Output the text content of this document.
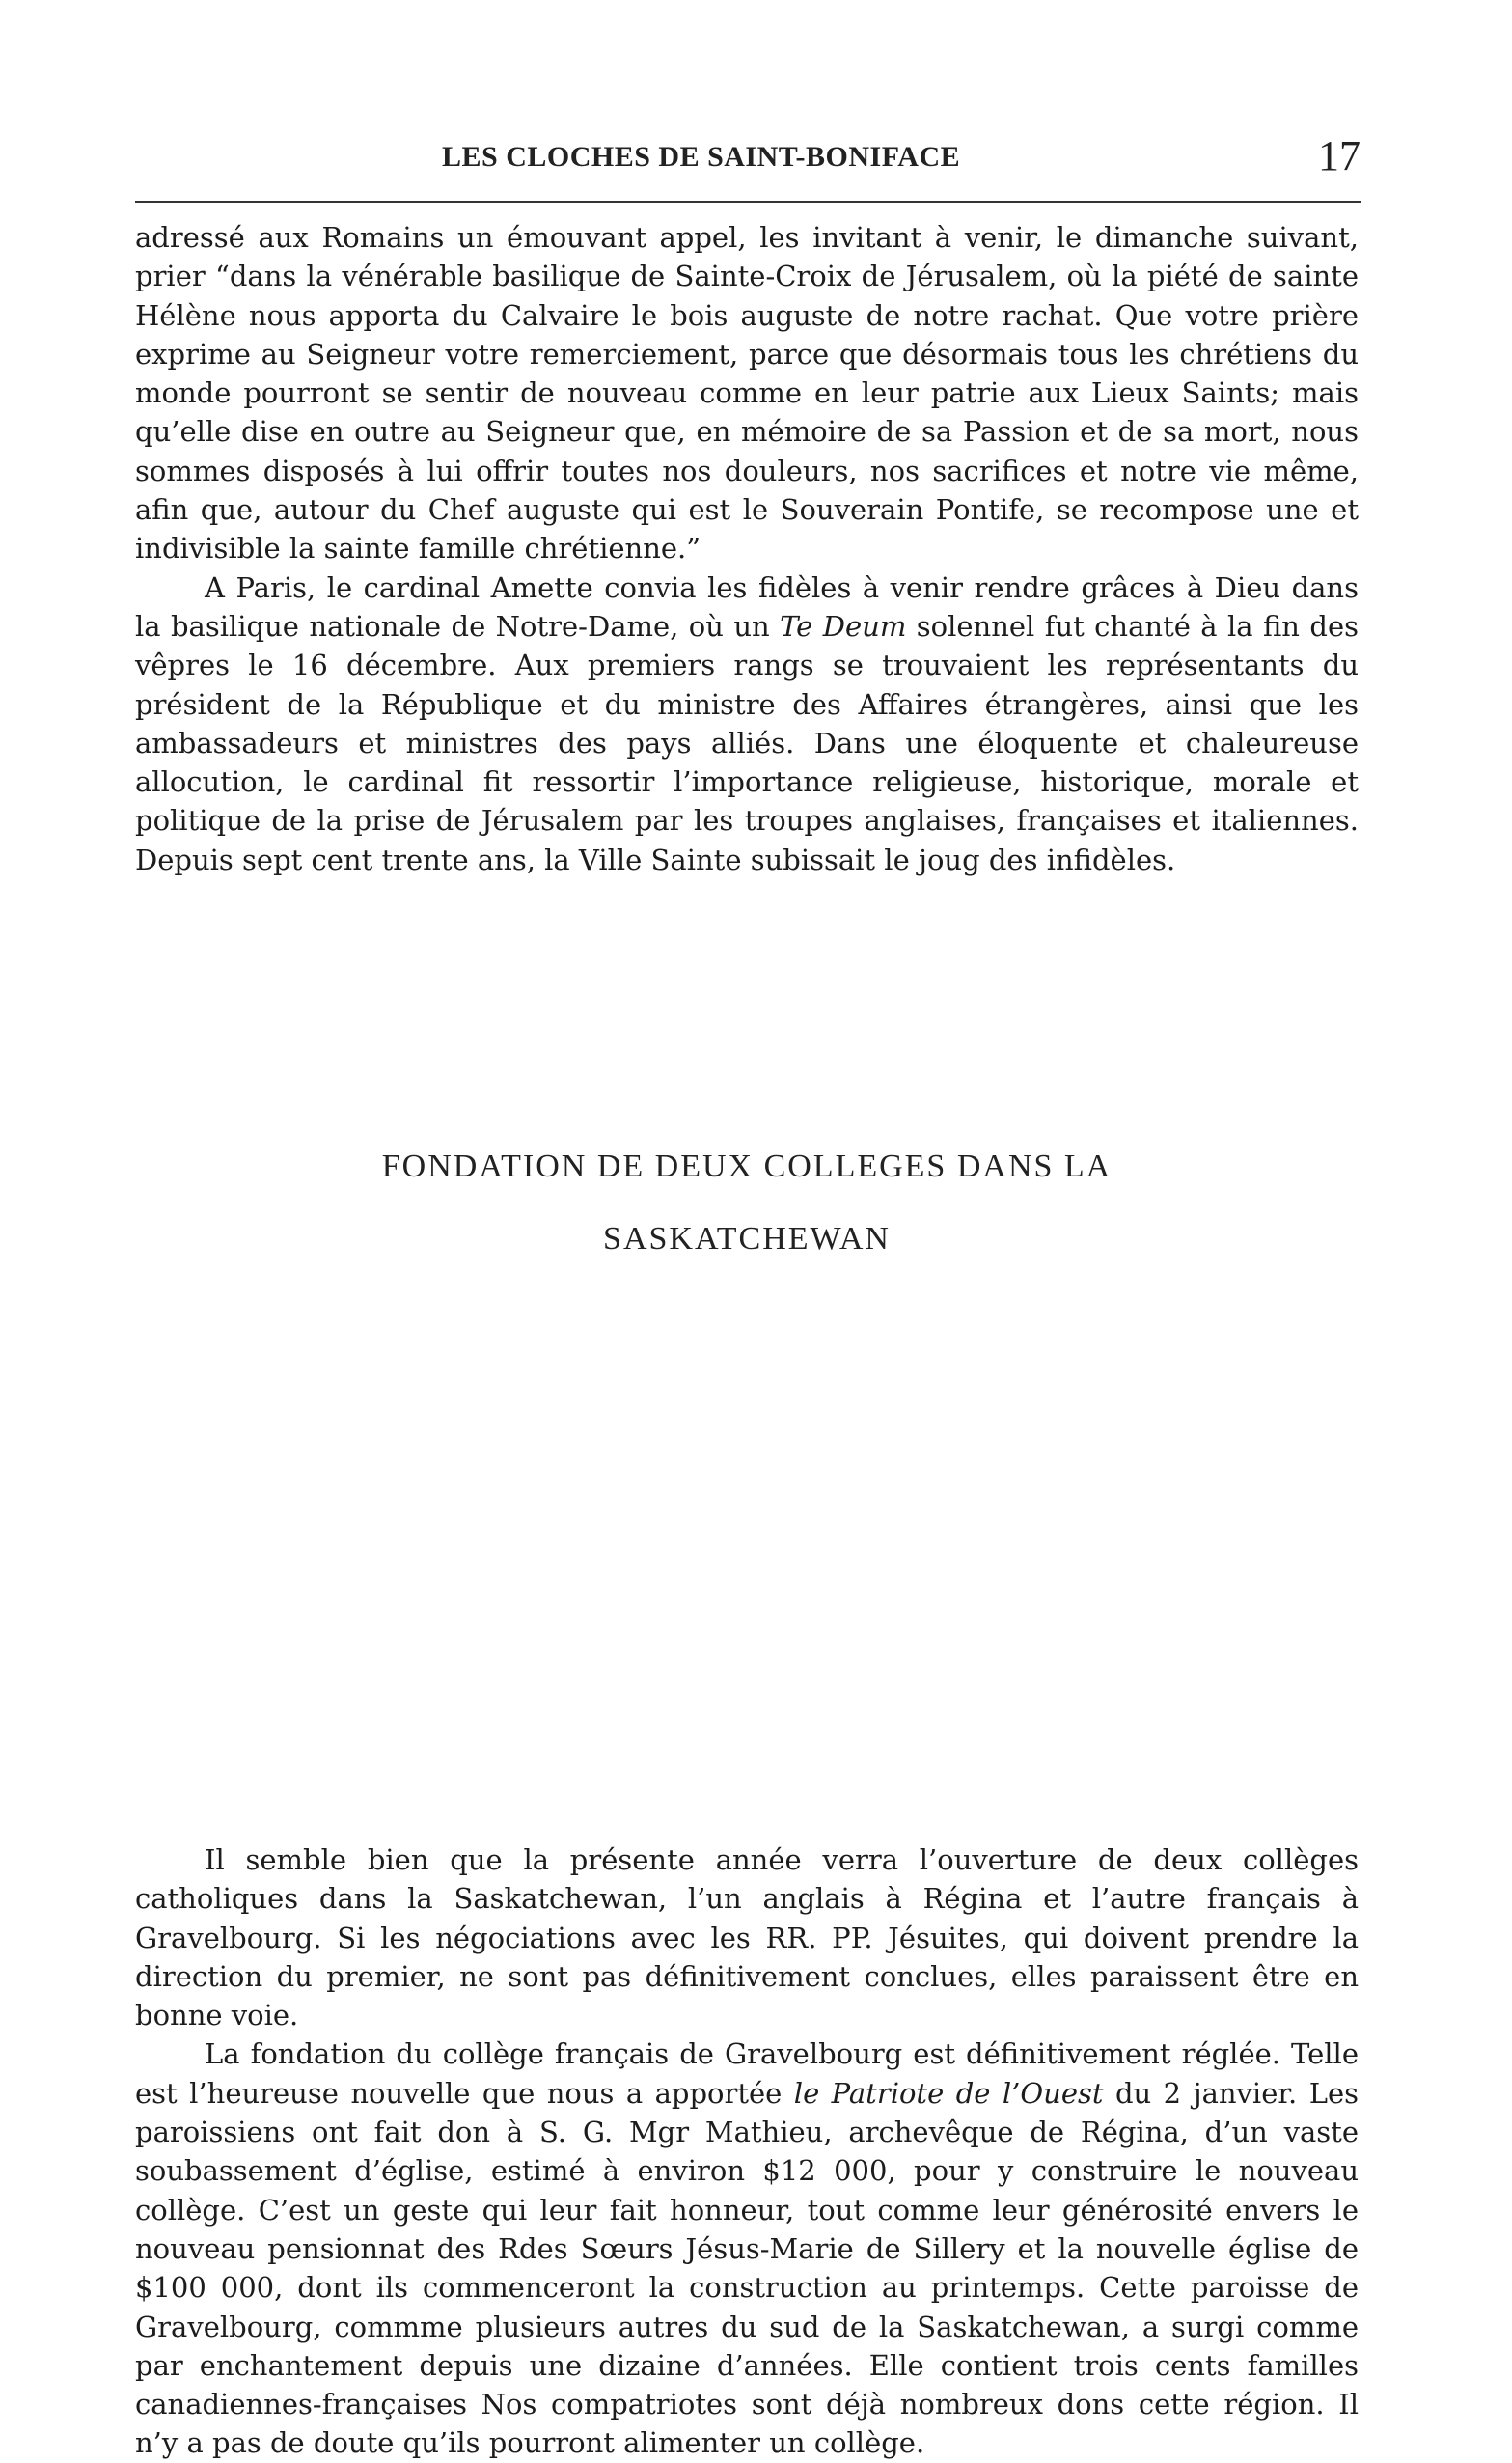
LES CLOCHES DE SAINT-BONIFACE	17

adressé aux Romains un émouvant appel, les invitant à venir, le dimanche suivant, prier “dans la vénérable basilique de Sainte-Croix de Jérusalem, où la piété de sainte Hélène nous apporta du Calvaire le bois auguste de notre rachat. Que votre prière exprime au Seigneur votre remerciement, parce que désormais tous les chrétiens du monde pourront se sentir de nouveau comme en leur patrie aux Lieux Saints; mais qu’elle dise en outre au Seigneur que, en mémoire de sa Passion et de sa mort, nous sommes disposés à lui offrir toutes nos douleurs, nos sacrifices et notre vie même, afin que, autour du Chef auguste qui est le Souverain Pontife, se recompose une et indivisible la sainte famille chrétienne.”

A Paris, le cardinal Amette convia les fidèles à venir rendre grâces à Dieu dans la basilique nationale de Notre-Dame, où un Te Deum solennel fut chanté à la fin des vêpres le 16 décembre. Aux premiers rangs se trouvaient les représentants du président de la République et du ministre des Affaires étrangères, ainsi que les ambassadeurs et ministres des pays alliés. Dans une éloquente et chaleureuse allocution, le cardinal fit ressortir l’importance religieuse, historique, morale et politique de la prise de Jérusalem par les troupes anglaises, françaises et italiennes. Depuis sept cent trente ans, la Ville Sainte subissait le joug des infidèles.

FONDATION DE DEUX COLLEGES DANS LA
SASKATCHEWAN

Il semble bien que la présente année verra l’ouverture de deux collèges catholiques dans la Saskatchewan, l’un anglais à Régina et l’autre français à Gravelbourg. Si les négociations avec les RR. PP. Jésuites, qui doivent prendre la direction du premier, ne sont pas définitivement conclues, elles paraissent être en bonne voie.

La fondation du collège français de Gravelbourg est définitivement réglée. Telle est l’heureuse nouvelle que nous a apportée le Patriote de l’Ouest du 2 janvier. Les paroissiens ont fait don à S. G. Mgr Mathieu, archevêque de Régina, d’un vaste soubassement d’église, estimé à environ $12 000, pour y construire le nouveau collège. C’est un geste qui leur fait honneur, tout comme leur générosité envers le nouveau pensionnat des Rdes Sœurs Jésus-Marie de Sillery et la nouvelle église de $100 000, dont ils commenceront la construction au printemps. Cette paroisse de Gravelbourg, commme plusieurs autres du sud de la Saskatchewan, a surgi comme par enchantement depuis une dizaine d’années. Elle contient trois cents familles canadiennes-françaises Nos compatriotes sont déjà nombreux dons cette région. Il n’y a pas de doute qu’ils pourront alimenter un collège.
